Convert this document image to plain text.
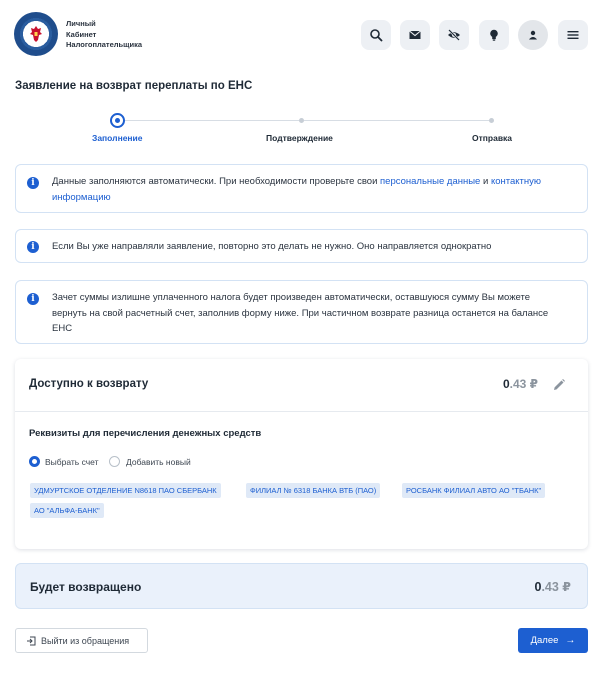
Личный
Кабинет
Налогоплательщика
Заявление на возврат переплаты по ЕНС
Заполнение	Подтверждение	Отправка
i	Данные заполняются автоматически. При необходимости проверьте свои персональные данные и контактную
информацию
i	Если Вы уже направляли заявление, повторно это делать не нужно. Оно направляется однократно
i	Зачет суммы излишне уплаченного налога будет произведен автоматически, оставшуюся сумму Вы можете
вернуть на свой расчетный счет, заполнив форму ниже. При частичном возврате разница останется на балансе
ЕНС
Доступно к возврату	0.43 ₽
Реквизиты для перечисления денежных средств
Выбрать счет	Добавить новый
УДМУРТСКОЕ ОТДЕЛЕНИЕ N8618 ПАО СБЕРБАНК	ФИЛИАЛ № 6318 БАНКА ВТБ (ПАО)	РОСБАНК ФИЛИАЛ АВТО АО "ТБАНК"
АО "АЛЬФА-БАНК"
Будет возвращено	0.43 ₽
Выйти из обращения	Далее →
